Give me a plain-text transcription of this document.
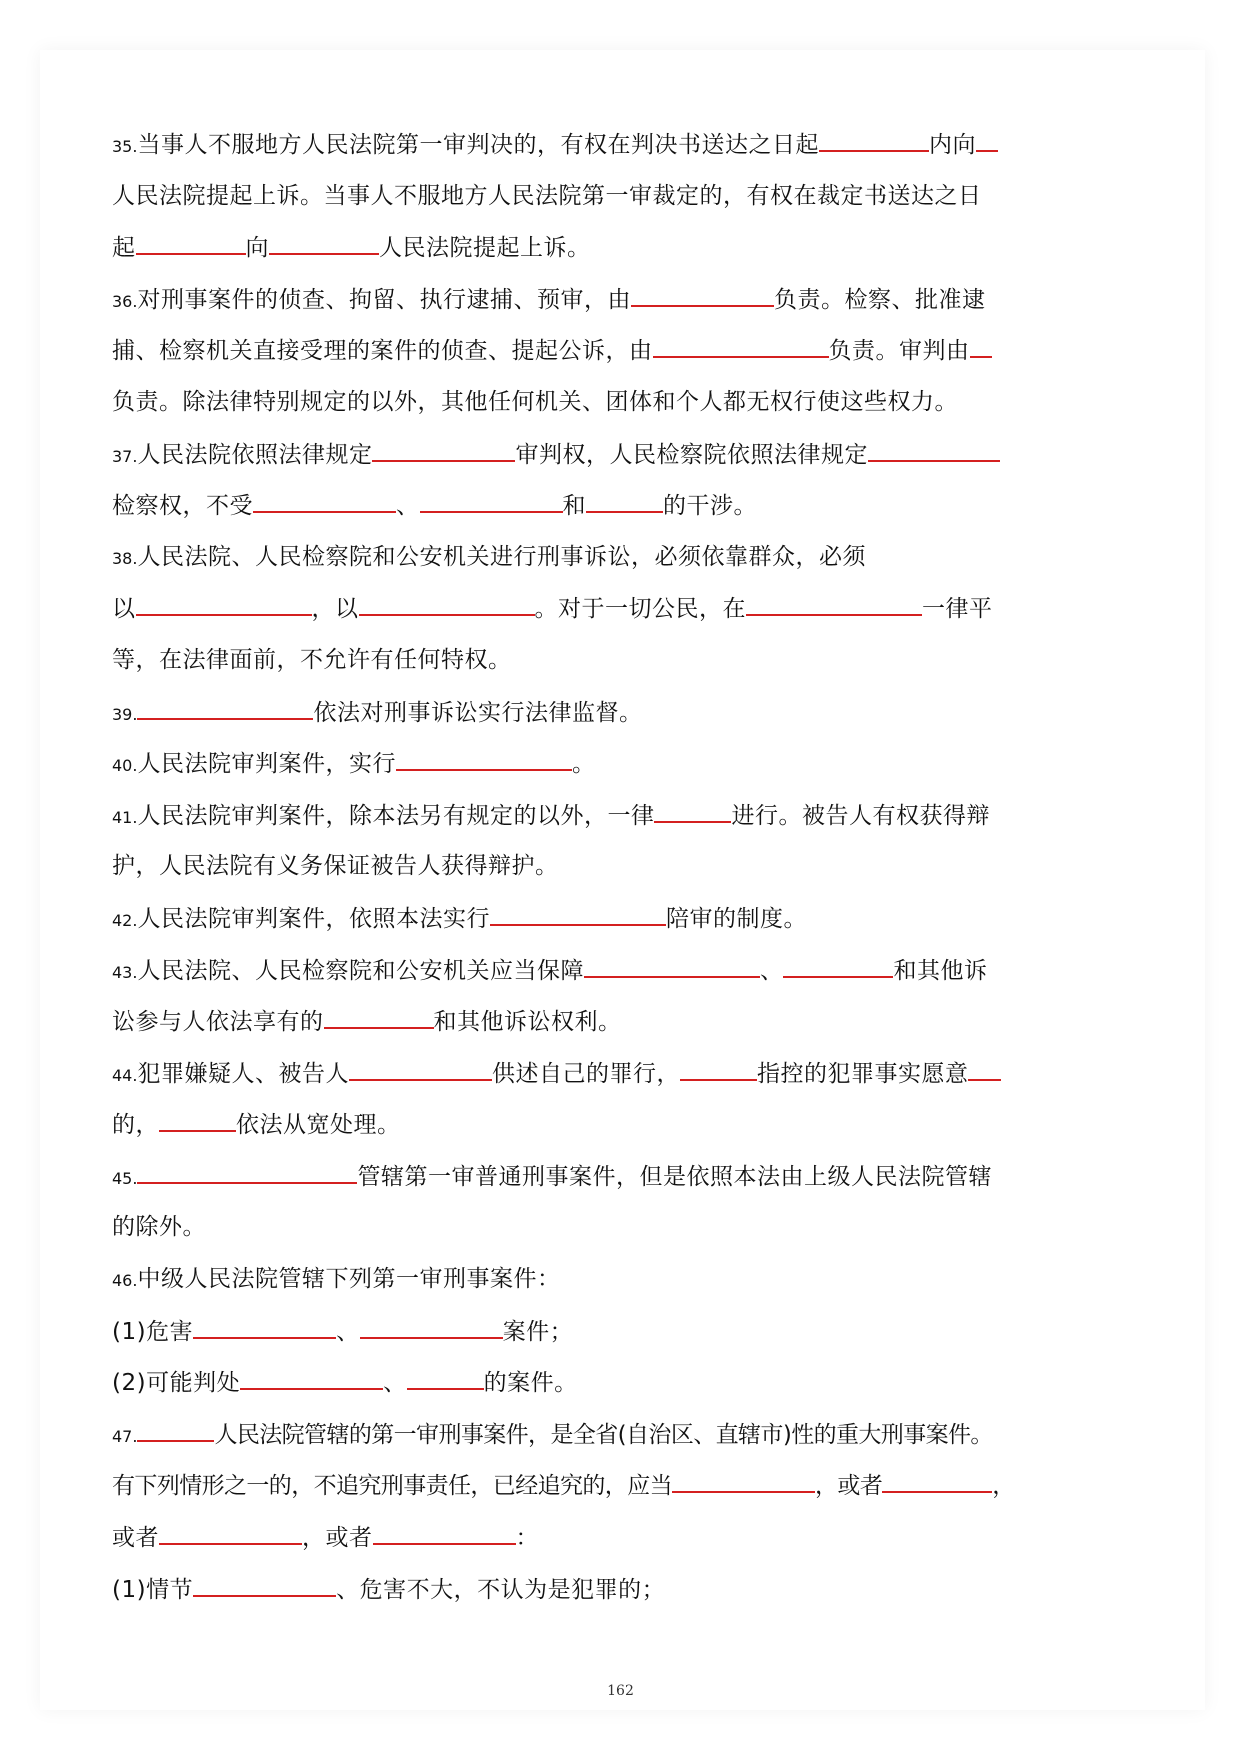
35.当事人不服地方人民法院第一审判决的，有权在判决书送达之日起	内向
人民法院提起上诉。当事人不服地方人民法院第一审裁定的，有权在裁定书送达之日
起	向	人民法院提起上诉。
36.对刑事案件的侦查、拘留、执行逮捕、预审，由	负责。检察、批准逮
捕、检察机关直接受理的案件的侦查、提起公诉，由	负责。审判由
负责。除法律特别规定的以外，其他任何机关、团体和个人都无权行使这些权力。
37.人民法院依照法律规定	审判权，人民检察院依照法律规定
检察权，不受	、	和	的干涉。
38.人民法院、人民检察院和公安机关进行刑事诉讼，必须依靠群众，必须
以	，以	。对于一切公民，在	一律平
等，在法律面前，不允许有任何特权。
39.	依法对刑事诉讼实行法律监督。
40.人民法院审判案件，实行	。
41.人民法院审判案件，除本法另有规定的以外，一律	进行。被告人有权获得辩
护，人民法院有义务保证被告人获得辩护。
42.人民法院审判案件，依照本法实行	陪审的制度。
43.人民法院、人民检察院和公安机关应当保障	、	和其他诉
讼参与人依法享有的	和其他诉讼权利。
44.犯罪嫌疑人、被告人	供述自己的罪行，	指控的犯罪事实愿意
的，	依法从宽处理。
45.	管辖第一审普通刑事案件，但是依照本法由上级人民法院管辖
的除外。
46.中级人民法院管辖下列第一审刑事案件：
(1)危害	、	案件；
(2)可能判处	、	的案件。
47.	人民法院管辖的第一审刑事案件，是全省(自治区、直辖市)性的重大刑事案件。
有下列情形之一的，不追究刑事责任，已经追究的，应当	，或者	，
或者	，或者	：
(1)情节	、危害不大，不认为是犯罪的；
162
